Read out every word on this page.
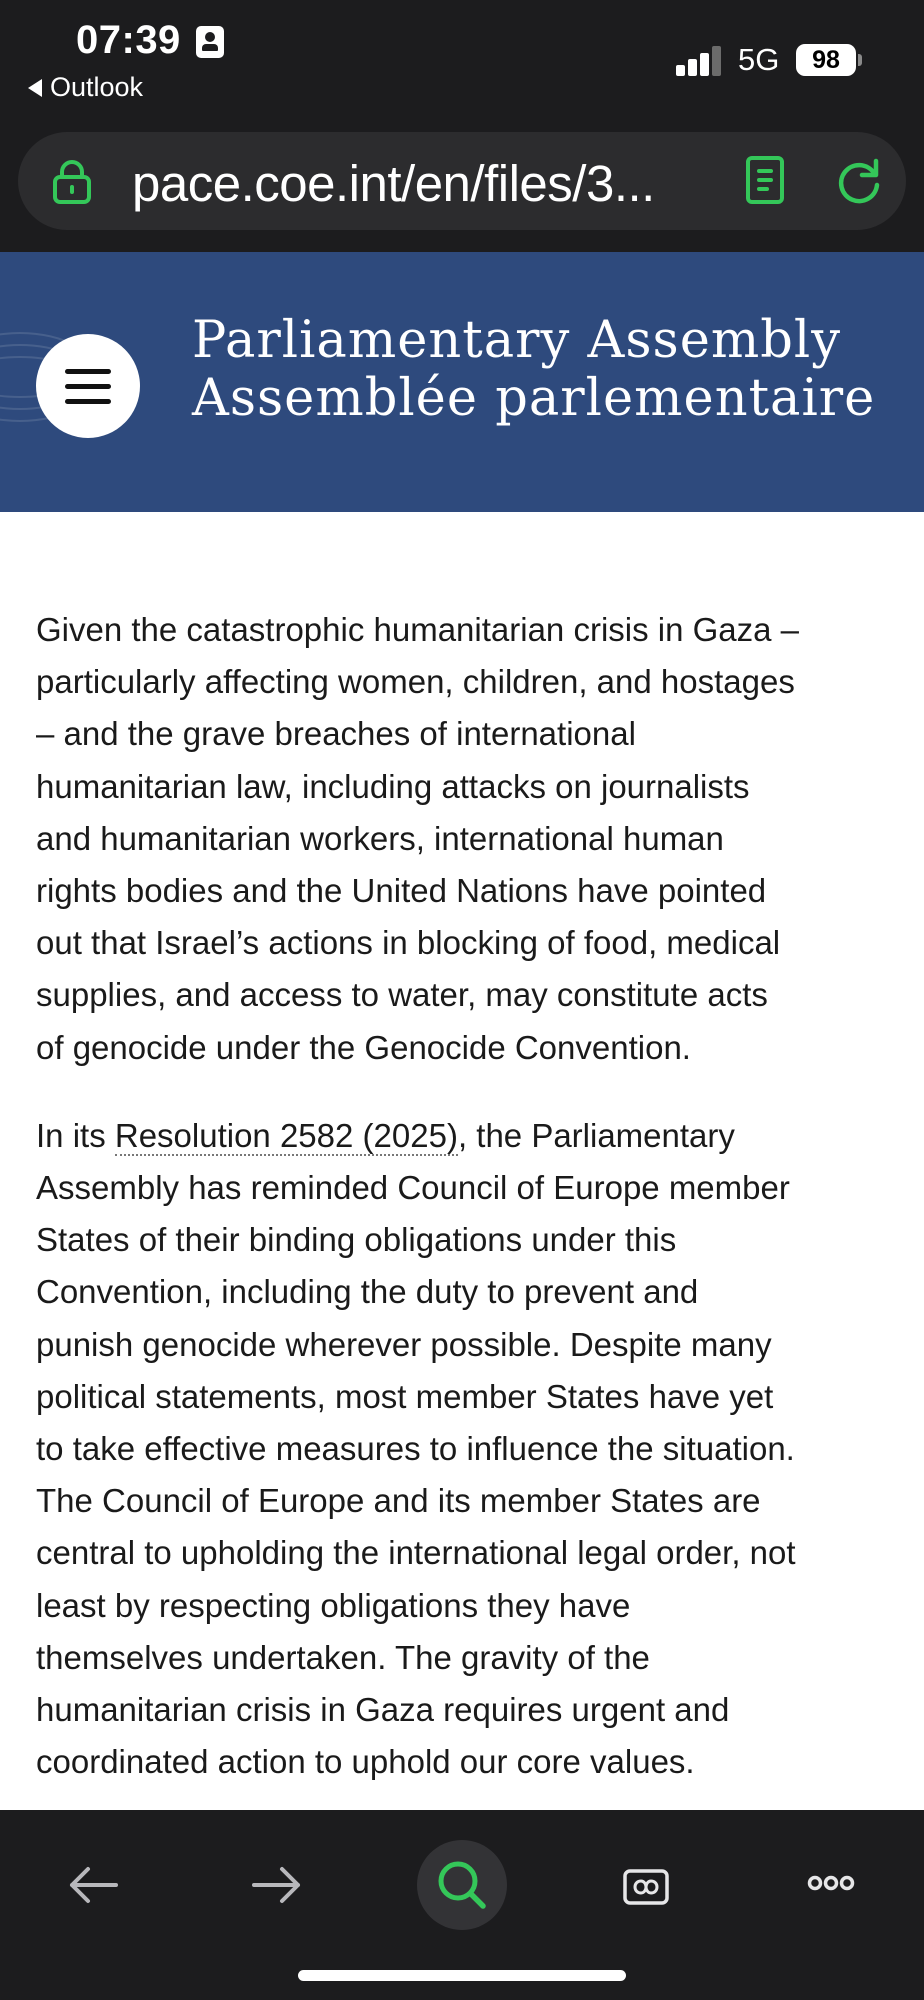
07:39
Outlook
5G	98
pace.coe.int/en/files/3...
Parliamentary Assembly
Assemblée parlementaire

Given the catastrophic humanitarian crisis in Gaza –
particularly affecting women, children, and hostages
– and the grave breaches of international
humanitarian law, including attacks on journalists
and humanitarian workers, international human
rights bodies and the United Nations have pointed
out that Israel’s actions in blocking of food, medical
supplies, and access to water, may constitute acts
of genocide under the Genocide Convention.

In its Resolution 2582 (2025), the Parliamentary
Assembly has reminded Council of Europe member
States of their binding obligations under this
Convention, including the duty to prevent and
punish genocide wherever possible. Despite many
political statements, most member States have yet
to take effective measures to influence the situation.
The Council of Europe and its member States are
central to upholding the international legal order, not
least by respecting obligations they have
themselves undertaken. The gravity of the
humanitarian crisis in Gaza requires urgent and
coordinated action to uphold our core values.
